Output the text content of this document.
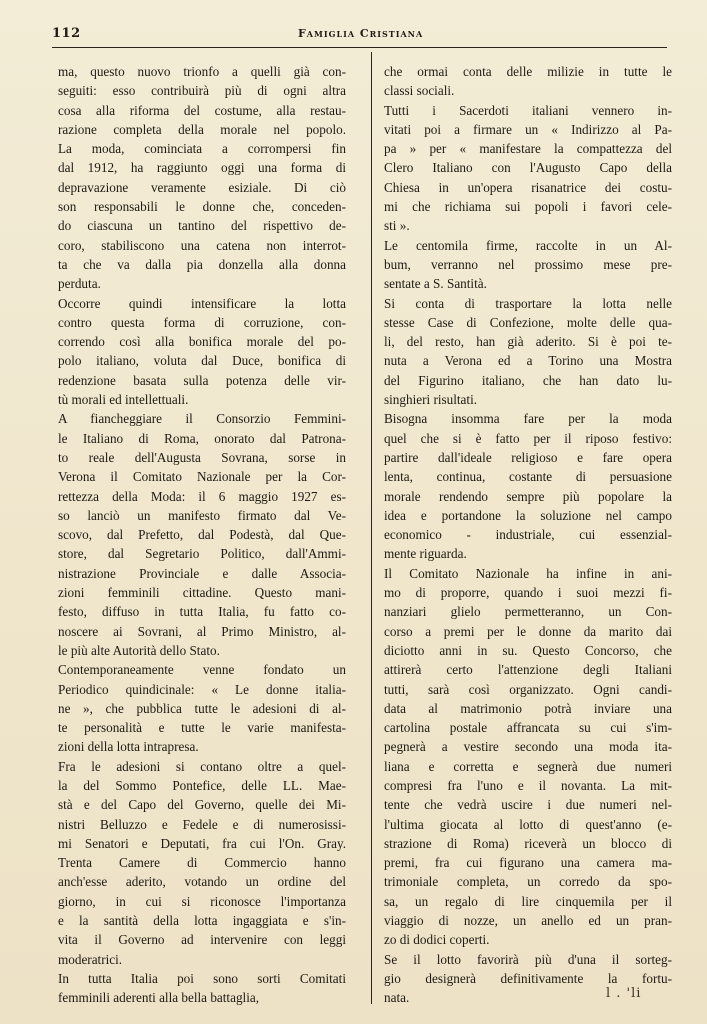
112	Famiglia Cristiana
ma, questo nuovo trionfo a quelli già con-
seguiti: esso contribuirà più di ogni altra
cosa alla riforma del costume, alla restau-
razione completa della morale nel popolo.
La moda, cominciata a corrompersi fin
dal 1912, ha raggiunto oggi una forma di
depravazione veramente esiziale. Di ciò
son responsabili le donne che, conceden-
do ciascuna un tantino del rispettivo de-
coro, stabiliscono una catena non interrot-
ta che va dalla pia donzella alla donna
perduta.
Occorre quindi intensificare la lotta
contro questa forma di corruzione, con-
correndo così alla bonifica morale del po-
polo italiano, voluta dal Duce, bonifica di
redenzione basata sulla potenza delle vir-
tù morali ed intellettuali.
A fiancheggiare il Consorzio Femmini-
le Italiano di Roma, onorato dal Patrona-
to reale dell'Augusta Sovrana, sorse in
Verona il Comitato Nazionale per la Cor-
rettezza della Moda: il 6 maggio 1927 es-
so lanciò un manifesto firmato dal Ve-
scovo, dal Prefetto, dal Podestà, dal Que-
store, dal Segretario Politico, dall'Ammi-
nistrazione Provinciale e dalle Associa-
zioni femminili cittadine. Questo mani-
festo, diffuso in tutta Italia, fu fatto co-
noscere ai Sovrani, al Primo Ministro, al-
le più alte Autorità dello Stato.
Contemporaneamente venne fondato un
Periodico quindicinale: « Le donne italia-
ne », che pubblica tutte le adesioni di al-
te personalità e tutte le varie manifesta-
zioni della lotta intrapresa.
Fra le adesioni si contano oltre a quel-
la del Sommo Pontefice, delle LL. Mae-
stà e del Capo del Governo, quelle dei Mi-
nistri Belluzzo e Fedele e di numerosissi-
mi Senatori e Deputati, fra cui l'On. Gray.
Trenta Camere di Commercio hanno
anch'esse aderito, votando un ordine del
giorno, in cui si riconosce l'importanza
e la santità della lotta ingaggiata e s'in-
vita il Governo ad intervenire con leggi
moderatrici.
In tutta Italia poi sono sorti Comitati
femminili aderenti alla bella battaglia,
che ormai conta delle milizie in tutte le
classi sociali.
Tutti i Sacerdoti italiani vennero in-
vitati poi a firmare un « Indirizzo al Pa-
pa » per « manifestare la compattezza del
Clero Italiano con l'Augusto Capo della
Chiesa in un'opera risanatrice dei costu-
mi che richiama sui popoli i favori cele-
sti ».
Le centomila firme, raccolte in un Al-
bum, verranno nel prossimo mese pre-
sentate a S. Santità.
Si conta di trasportare la lotta nelle
stesse Case di Confezione, molte delle qua-
li, del resto, han già aderito. Si è poi te-
nuta a Verona ed a Torino una Mostra
del Figurino italiano, che han dato lu-
singhieri risultati.
Bisogna insomma fare per la moda
quel che si è fatto per il riposo festivo:
partire dall'ideale religioso e fare opera
lenta, continua, costante di persuasione
morale rendendo sempre più popolare la
idea e portandone la soluzione nel campo
economico - industriale, cui essenzial-
mente riguarda.
Il Comitato Nazionale ha infine in ani-
mo di proporre, quando i suoi mezzi fi-
nanziari glielo permetteranno, un Con-
corso a premi per le donne da marito dai
diciotto anni in su. Questo Concorso, che
attirerà certo l'attenzione degli Italiani
tutti, sarà così organizzato. Ogni candi-
data al matrimonio potrà inviare una
cartolina postale affrancata su cui s'im-
pegnerà a vestire secondo una moda ita-
liana e corretta e segnerà due numeri
compresi fra l'uno e il novanta. La mit-
tente che vedrà uscire i due numeri nel-
l'ultima giocata al lotto di quest'anno (e-
strazione di Roma) riceverà un blocco di
premi, fra cui figurano una camera ma-
trimoniale completa, un corredo da spo-
sa, un regalo di lire cinquemila per il
viaggio di nozze, un anello ed un pran-
zo di dodici coperti.
Se il lotto favorirà più d'una il sorteg-
gio designerà definitivamente la fortu-
nata.	l . 'li
